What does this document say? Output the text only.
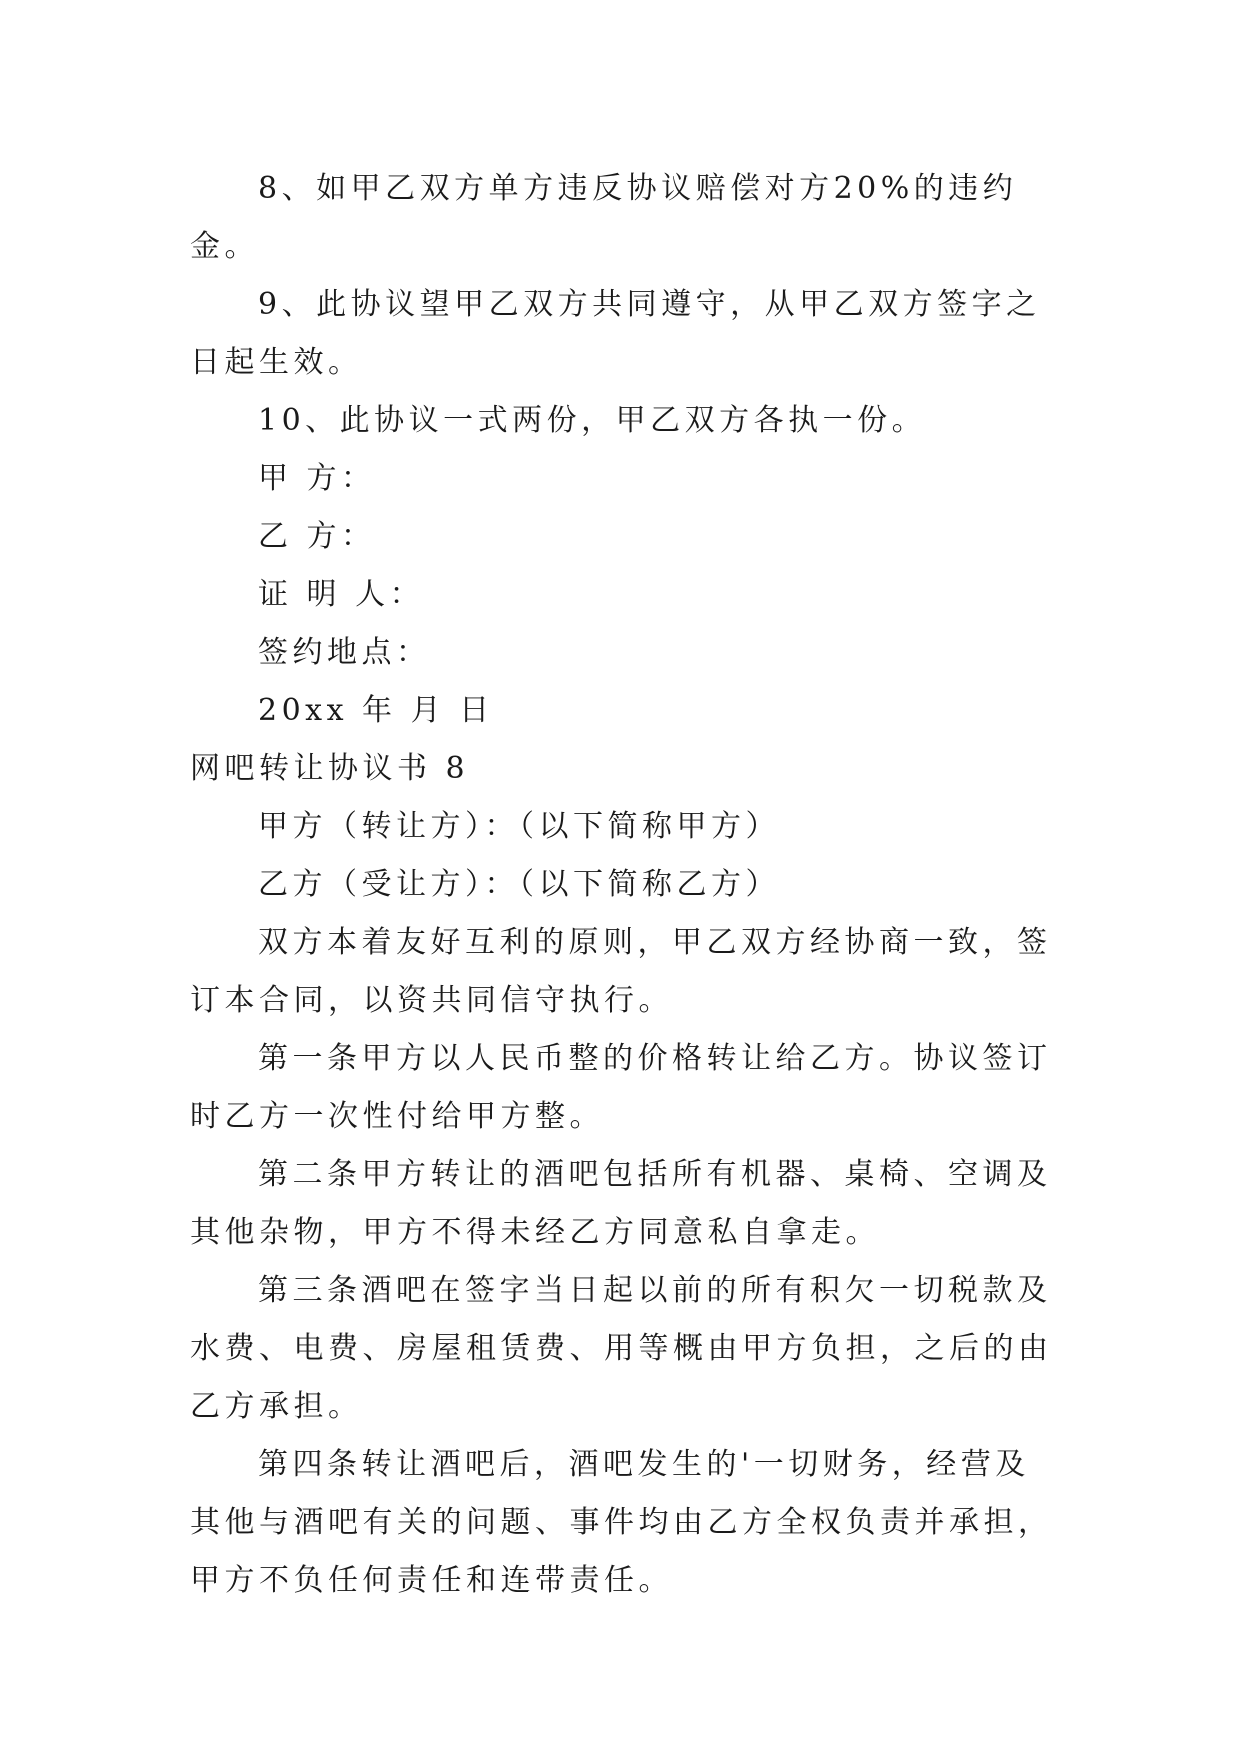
8、如甲乙双方单方违反协议赔偿对方20%的违约金。

9、此协议望甲乙双方共同遵守，从甲乙双方签字之日起生效。

10、此协议一式两份，甲乙双方各执一份。

甲 方：

乙 方：

证 明 人：

签约地点：

20xx 年 月 日

网吧转让协议书 8

甲方（转让方）：（以下简称甲方）

乙方（受让方）：（以下简称乙方）

双方本着友好互利的原则，甲乙双方经协商一致，签订本合同，以资共同信守执行。

第一条甲方以人民币整的价格转让给乙方。协议签订时乙方一次性付给甲方整。

第二条甲方转让的酒吧包括所有机器、桌椅、空调及其他杂物，甲方不得未经乙方同意私自拿走。

第三条酒吧在签字当日起以前的所有积欠一切税款及水费、电费、房屋租赁费、用等概由甲方负担，之后的由乙方承担。

第四条转让酒吧后，酒吧发生的'一切财务，经营及其他与酒吧有关的问题、事件均由乙方全权负责并承担，甲方不负任何责任和连带责任。
